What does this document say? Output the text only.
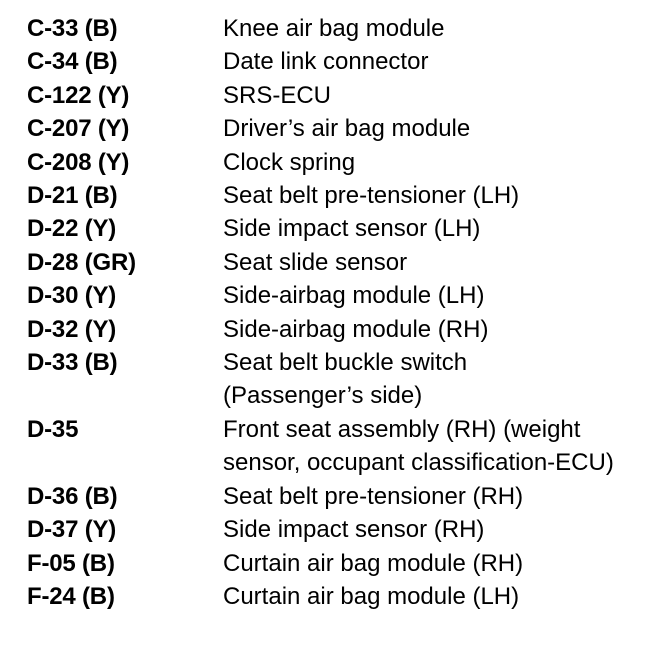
C-33 (B)	Knee air bag module
C-34 (B)	Date link connector
C-122 (Y)	SRS-ECU
C-207 (Y)	Driver’s air bag module
C-208 (Y)	Clock spring
D-21 (B)	Seat belt pre-tensioner (LH)
D-22 (Y)	Side impact sensor (LH)
D-28 (GR)	Seat slide sensor
D-30 (Y)	Side-airbag module (LH)
D-32 (Y)	Side-airbag module (RH)
D-33 (B)	Seat belt buckle switch (Passenger’s side)
D-35	Front seat assembly (RH) (weight sensor, occupant classification-ECU)
D-36 (B)	Seat belt pre-tensioner (RH)
D-37 (Y)	Side impact sensor (RH)
F-05 (B)	Curtain air bag module (RH)
F-24 (B)	Curtain air bag module (LH)
